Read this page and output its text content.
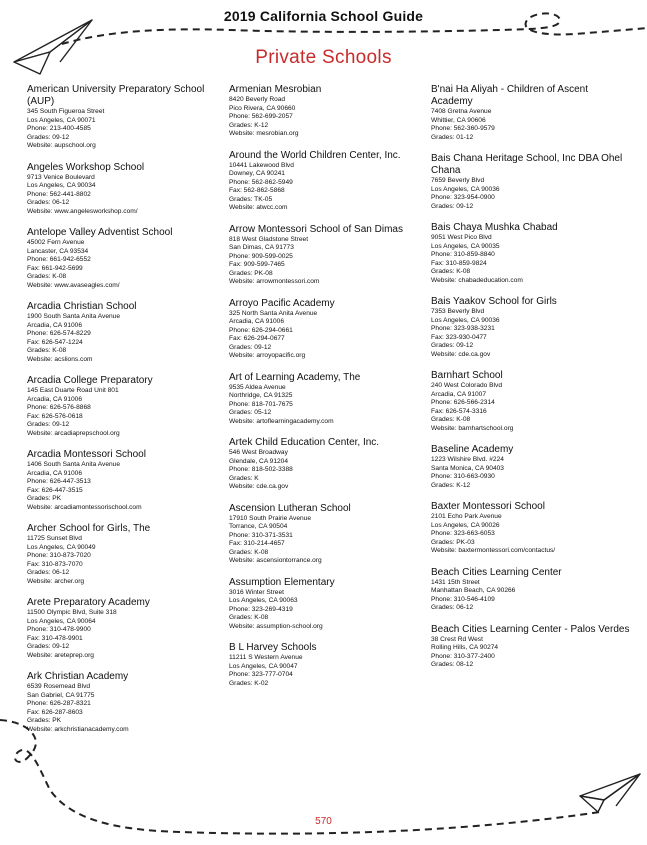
2019 California School Guide
Private Schools
American University Preparatory School (AUP)
345 South Figueroa Street
Los Angeles, CA 90071
Phone: 213-400-4585
Grades: 09-12
Website: aupschool.org
Angeles Workshop School
9713 Venice Boulevard
Los Angeles, CA 90034
Phone: 562-441-8802
Grades: 06-12
Website: www.angelesworkshop.com/
Antelope Valley Adventist School
45002 Fern Avenue
Lancaster, CA 93534
Phone: 661-942-6552
Fax: 661-942-5699
Grades: K-08
Website: www.avaseagles.com/
Arcadia Christian School
1900 South Santa Anita Avenue
Arcadia, CA 91006
Phone: 626-574-8229
Fax: 626-547-1224
Grades: K-08
Website: acslions.com
Arcadia College Preparatory
145 East Duarte Road Unit 801
Arcadia, CA 91006
Phone: 626-576-8868
Fax: 626-576-0618
Grades: 09-12
Website: arcadiaprepschool.org
Arcadia Montessori School
1406 South Santa Anita Avenue
Arcadia, CA 91006
Phone: 626-447-3513
Fax: 626-447-3515
Grades: PK
Website: arcadiamontessorischool.com
Archer School for Girls, The
11725 Sunset Blvd
Los Angeles, CA 90049
Phone: 310-873-7020
Fax: 310-873-7070
Grades: 06-12
Website: archer.org
Arete Preparatory Academy
11500 Olympic Blvd, Suite 318
Los Angeles, CA 90064
Phone: 310-478-9900
Fax: 310-478-9901
Grades: 09-12
Website: areteprep.org
Ark Christian Academy
6539 Rosemead Blvd
San Gabriel, CA 91775
Phone: 626-287-8321
Fax: 626-287-8603
Grades: PK
Website: arkchristianacademy.com
Armenian Mesrobian
8420 Beverly Road
Pico Rivera, CA 90660
Phone: 562-699-2057
Grades: K-12
Website: mesrobian.org
Around the World Children Center, Inc.
10441 Lakewood Blvd
Downey, CA 90241
Phone: 562-862-5949
Fax: 562-862-5868
Grades: TK-05
Website: atwcc.com
Arrow Montessori School of San Dimas
818 West Gladstone Street
San Dimas, CA 91773
Phone: 909-599-0025
Fax: 909-599-7465
Grades: PK-08
Website: arrowmontessori.com
Arroyo Pacific Academy
325 North Santa Anita Avenue
Arcadia, CA 91006
Phone: 626-294-0661
Fax: 626-294-0677
Grades: 09-12
Website: arroyopacific.org
Art of Learning Academy, The
9535 Aldea Avenue
Northridge, CA 91325
Phone: 818-701-7675
Grades: 05-12
Website: artoflearningacademy.com
Artek Child Education Center, Inc.
546 West Broadway
Glendale, CA 91204
Phone: 818-502-3388
Grades: K
Website: cde.ca.gov
Ascension Lutheran School
17910 South Prairie Avenue
Torrance, CA 90504
Phone: 310-371-3531
Fax: 310-214-4657
Grades: K-08
Website: ascensiontorrance.org
Assumption Elementary
3016 Winter Street
Los Angeles, CA 90063
Phone: 323-269-4319
Grades: K-08
Website: assumption-school.org
B L Harvey Schools
11211 S Western Avenue
Los Angeles, CA 90047
Phone: 323-777-0704
Grades: K-02
B'nai Ha Aliyah - Children of Ascent Academy
7408 Gretna Avenue
Whittier, CA 90606
Phone: 562-360-9579
Grades: 01-12
Bais Chana Heritage School, Inc DBA Ohel Chana
7659 Beverly Blvd
Los Angeles, CA 90036
Phone: 323-954-0900
Grades: 09-12
Bais Chaya Mushka Chabad
9051 West Pico Blvd
Los Angeles, CA 90035
Phone: 310-859-8840
Fax: 310-859-9824
Grades: K-08
Website: chabadeducation.com
Bais Yaakov School for Girls
7353 Beverly Blvd
Los Angeles, CA 90036
Phone: 323-938-3231
Fax: 323-930-0477
Grades: 09-12
Website: cde.ca.gov
Barnhart School
240 West Colorado Blvd
Arcadia, CA 91007
Phone: 626-566-2314
Fax: 626-574-3316
Grades: K-08
Website: barnhartschool.org
Baseline Academy
1223 Wilshire Blvd. #224
Santa Monica, CA 90403
Phone: 310-663-0930
Grades: K-12
Baxter Montessori School
2101 Echo Park Avenue
Los Angeles, CA 90026
Phone: 323-663-6053
Grades: PK-03
Website: baxtermontessori.com/contactus/
Beach Cities Learning Center
1431 15th Street
Manhattan Beach, CA 90266
Phone: 310-546-4109
Grades: 06-12
Beach Cities Learning Center - Palos Verdes
38 Crest Rd West
Rolling Hills, CA 90274
Phone: 310-377-2400
Grades: 08-12
570
